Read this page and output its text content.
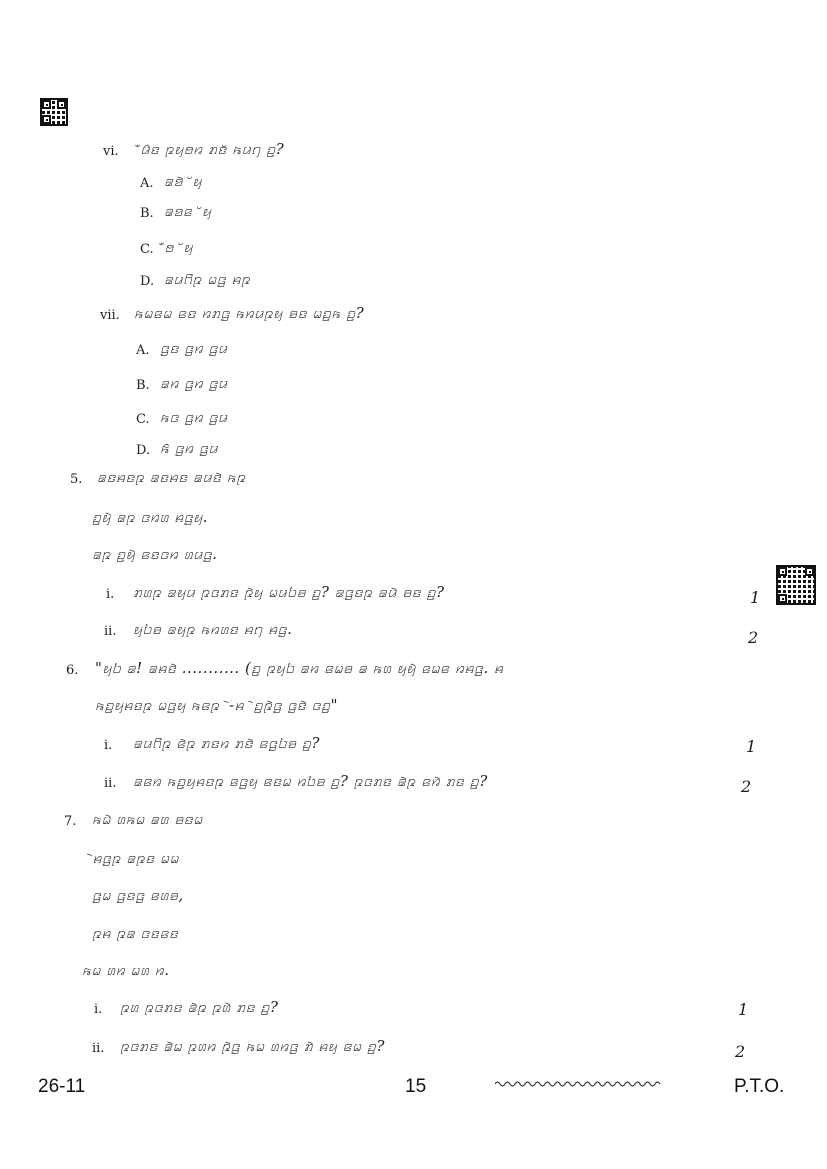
vi. ꤪꤣꤨꤢ ꤐꤟꤥꤙ ꤊꤢꤩ ꤒꤣꤚ ꤑ?
A. ꤘꤤꤧ ꤩꤟ
B. ꤘꤤꤕ ꤩꤟ
C. ꤪꤥ ꤩꤟ
D. ꤘꤣꤖꤐ ꤗꤞ ꤌꤐ
vii. ꤒꤗꤕꤗ ꤕꤢ ꤙꤊꤞ ꤒꤙꤣꤐꤟ ꤋꤢ ꤗꤑꤒ ꤑ?
A. ꤞꤢ ꤞꤙ ꤞꤣ
B. ꤘꤙ ꤞꤙ ꤞꤣ
C. ꤒꤍ ꤞꤙ ꤞꤣ
D. ꤒꤨ ꤞꤙ ꤞꤣ
5. ꤘꤢꤌꤢꤐ ꤘꤢꤌꤢ ꤘꤣꤢꤧ ꤒꤐ
ꤑꤟꤧ ꤘꤐ ꤍꤙꤛ ꤌꤞꤟ.
ꤘꤐ ꤑꤟꤧ ꤕꤢꤍꤙ ꤛꤣꤞ.
i. ꤊꤛꤐ ꤘꤟꤣ ꤐꤍꤊꤢ ꤐꤧꤟ ꤗꤣꤝꤋ ꤑ? ꤘꤞꤢꤐ ꤘꤣꤧ ꤋꤢ ꤑ?	1
ii. ꤟꤝꤋ ꤘꤟꤐ ꤒꤙꤛꤢ ꤌꤚ ꤌꤞ.	2
6. "ꤟꤝ ꤘ! ꤘꤌꤢꤧ ........... (ꤑ ꤐꤟꤝ ꤘꤙ ꤕꤗꤋ ꤘ ꤒꤛ ꤟꤟꤧ ꤕꤗꤕ ꤙꤌꤞ. ꤌ
ꤒꤑꤟꤌꤢꤐ ꤗꤞꤟ ꤒꤕꤐ ꤧ-ꤌ ꤧꤑꤐꤧꤞ ꤞꤢꤧ ꤍꤑ"
i. ꤘꤣꤖꤐ ꤕꤧꤐ ꤊꤢꤙ ꤊꤢꤧ ꤕꤞꤝꤋ ꤑ?	1
ii. ꤘꤕꤙ ꤒꤑꤟꤌꤢꤐ ꤕꤞꤟ ꤕꤢꤗ ꤙꤝꤋ ꤑ? ꤐꤍꤊꤢ ꤘꤧꤐ ꤕꤙꤧ ꤊꤢ ꤑ?	2
7. ꤒꤗꤧ ꤛꤒꤗ ꤘꤛ ꤋꤢꤗ
ꤧꤌꤞꤐ ꤘꤐꤢ ꤗꤗ
ꤞꤗ ꤞꤢꤞ ꤕꤛꤋ,
ꤐꤌ ꤐꤘ ꤍꤢꤕꤢ
ꤒꤗ ꤛꤙ ꤗꤛ ꤙ.
i. ꤐꤛ ꤐꤍꤊꤢ ꤘꤧꤐ ꤐꤛꤧ ꤊꤢ ꤑ?	1
ii. ꤐꤍꤊꤢ ꤘꤧꤗ ꤐꤛꤙ ꤐꤧꤞ ꤒꤗ ꤛꤙꤞ ꤊꤧ ꤌꤟ ꤕꤗ ꤑ?	2
26-11	15	P.T.O.
